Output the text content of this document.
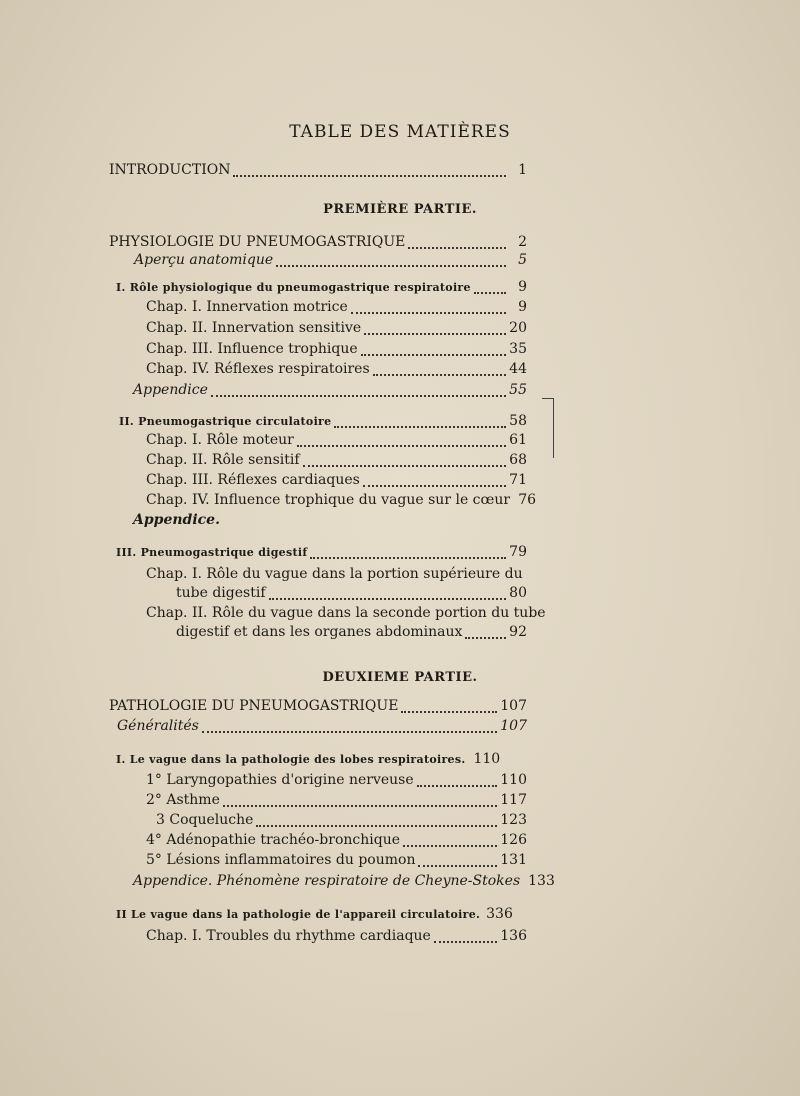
TABLE DES MATIÈRES
INTRODUCTION	1
PREMIÈRE PARTIE.
PHYSIOLOGIE DU PNEUMOGASTRIQUE	2
Aperçu anatomique	5
I. Rôle physiologique du pneumogastrique respiratoire	9
Chap. I. Innervation motrice	9
Chap. II. Innervation sensitive	20
Chap. III. Influence trophique	35
Chap. IV. Réflexes respiratoires	44
Appendice	55
II. Pneumogastrique circulatoire	58
Chap. I. Rôle moteur	61
Chap. II. Rôle sensitif	68
Chap. III. Réflexes cardiaques	71
Chap. IV. Influence trophique du vague sur le cœur 76
Appendice.
III. Pneumogastrique digestif	79
Chap. I. Rôle du vague dans la portion supérieure du
tube digestif	80
Chap. II. Rôle du vague dans la seconde portion du tube
digestif et dans les organes abdominaux	92
DEUXIEME PARTIE.
PATHOLOGIE DU PNEUMOGASTRIQUE	107
Généralités	107
I. Le vague dans la pathologie des lobes respiratoires. 110
1° Laryngopathies d'origine nerveuse	110
2° Asthme	117
3 Coqueluche	123
4° Adénopathie trachéo-bronchique	126
5° Lésions inflammatoires du poumon	131
Appendice. Phénomène respiratoire de Cheyne-Stokes 133
II Le vague dans la pathologie de l'appareil circulatoire. 336
Chap. I. Troubles du rhythme cardiaque	136
